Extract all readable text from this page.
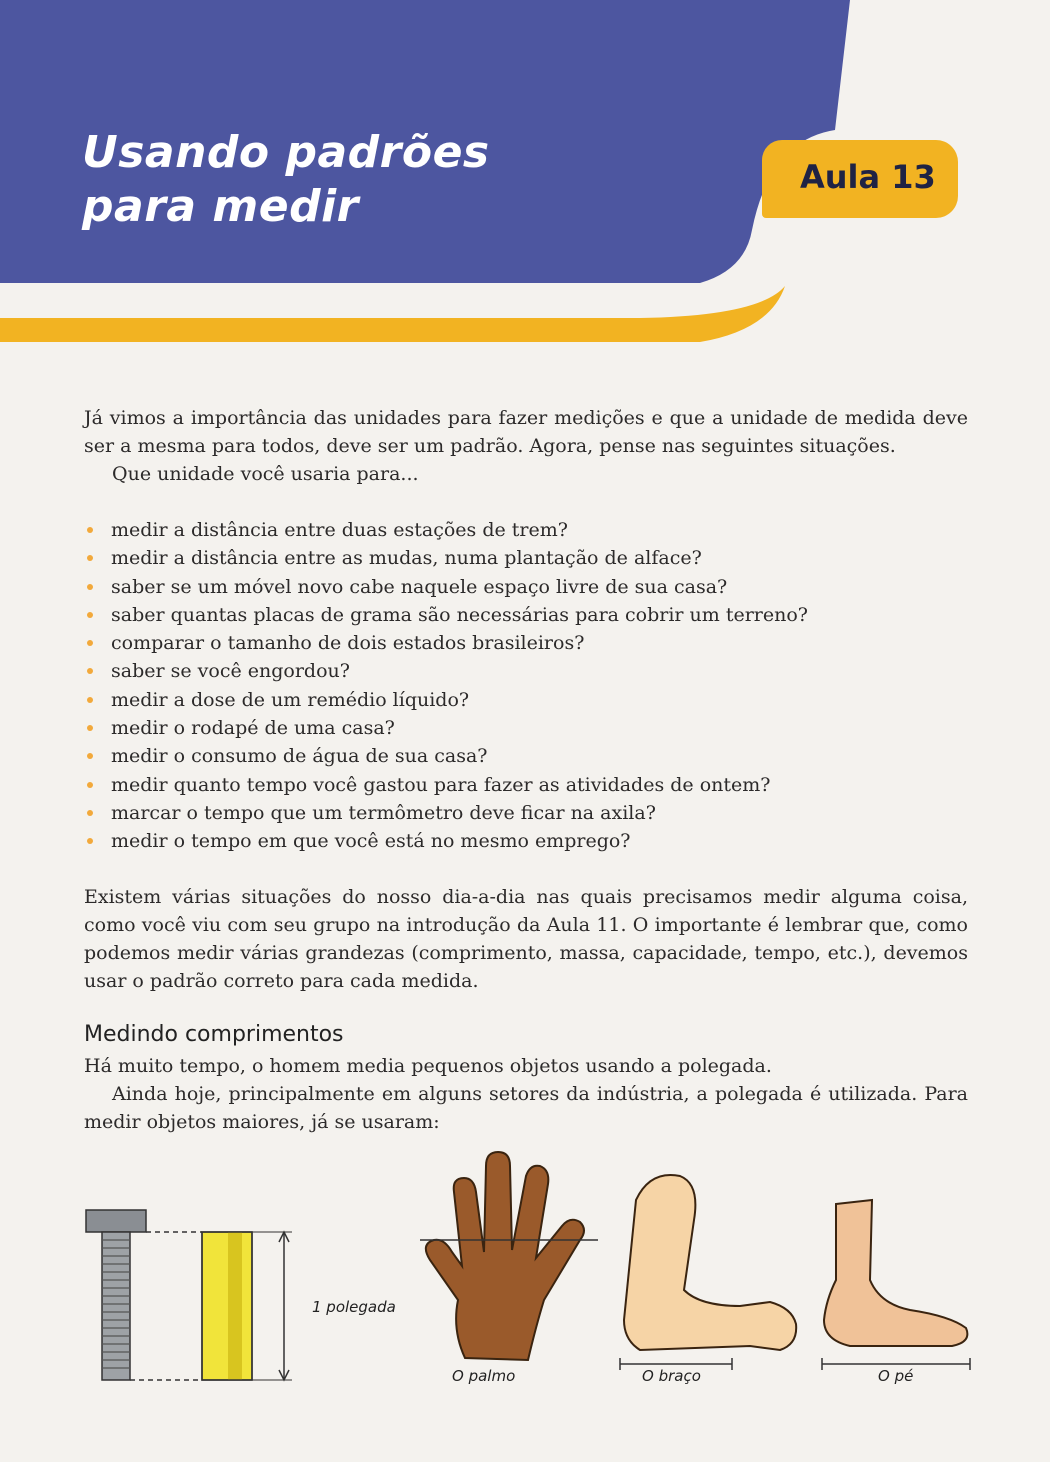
Usando padrões
para medir
Aula 13

Já vimos a importância das unidades para fazer medições e que a unidade de medida deve ser a mesma para todos, deve ser um padrão. Agora, pense nas seguintes situações.

Que unidade você usaria para...

medir a distância entre duas estações de trem?
medir a distância entre as mudas, numa plantação de alface?
saber se um móvel novo cabe naquele espaço livre de sua casa?
saber quantas placas de grama são necessárias para cobrir um terreno?
comparar o tamanho de dois estados brasileiros?
saber se você engordou?
medir a dose de um remédio líquido?
medir o rodapé de uma casa?
medir o consumo de água de sua casa?
medir quanto tempo você gastou para fazer as atividades de ontem?
marcar o tempo que um termômetro deve ficar na axila?
medir o tempo em que você está no mesmo emprego?

Existem várias situações do nosso dia-a-dia nas quais precisamos medir alguma coisa, como você viu com seu grupo na introdução da Aula 11. O importante é lembrar que, como podemos medir várias grandezas (comprimento, massa, capacidade, tempo, etc.), devemos usar o padrão correto para cada medida.

Medindo comprimentos

Há muito tempo, o homem media pequenos objetos usando a polegada.

Ainda hoje, principalmente em alguns setores da indústria, a polegada é utilizada. Para medir objetos maiores, já se usaram:

1 polegada
O palmo	O braço	O pé
